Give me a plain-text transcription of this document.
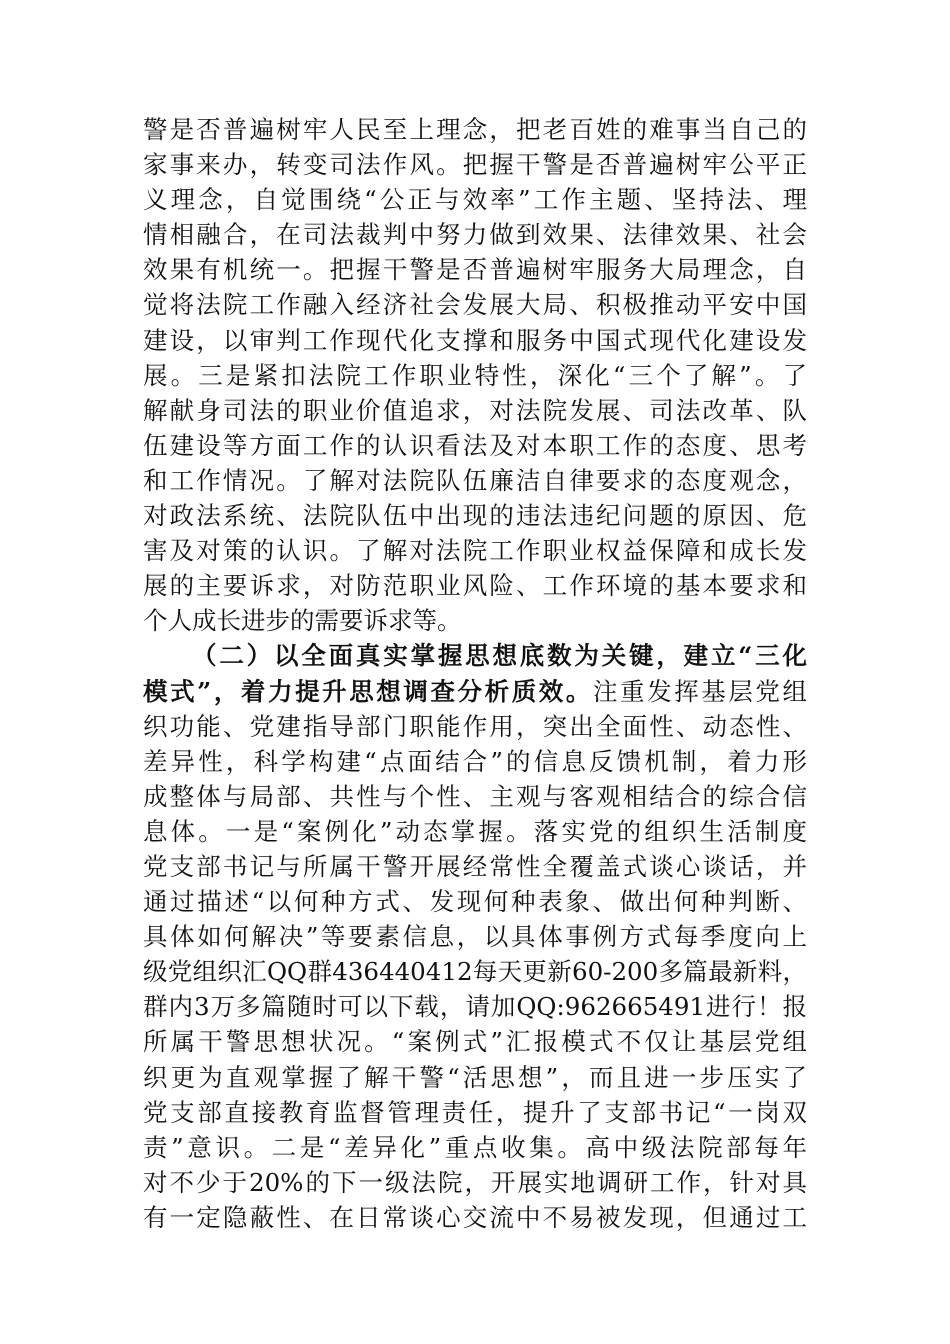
警是否普遍树牢人民至上理念，把老百姓的难事当自己的
家事来办，转变司法作风。把握干警是否普遍树牢公平正
义理念，自觉围绕“公正与效率”工作主题、坚持法、理
情相融合，在司法裁判中努力做到效果、法律效果、社会
效果有机统一。把握干警是否普遍树牢服务大局理念，自
觉将法院工作融入经济社会发展大局、积极推动平安中国
建设，以审判工作现代化支撑和服务中国式现代化建设发
展。三是紧扣法院工作职业特性，深化“三个了解”。了
解献身司法的职业价值追求，对法院发展、司法改革、队
伍建设等方面工作的认识看法及对本职工作的态度、思考
和工作情况。了解对法院队伍廉洁自律要求的态度观念，
对政法系统、法院队伍中出现的违法违纪问题的原因、危
害及对策的认识。了解对法院工作职业权益保障和成长发
展的主要诉求，对防范职业风险、工作环境的基本要求和
个人成长进步的需要诉求等。
（二）以全面真实掌握思想底数为关键，建立“三化
模式”，着力提升思想调查分析质效。注重发挥基层党组
织功能、党建指导部门职能作用，突出全面性、动态性、
差异性，科学构建“点面结合”的信息反馈机制，着力形
成整体与局部、共性与个性、主观与客观相结合的综合信
息体。一是“案例化”动态掌握。落实党的组织生活制度
党支部书记与所属干警开展经常性全覆盖式谈心谈话，并
通过描述“以何种方式、发现何种表象、做出何种判断、
具体如何解决”等要素信息，以具体事例方式每季度向上
级党组织汇QQ群436440412每天更新60-200多篇最新料，
群内3万多篇随时可以下载，请加QQ:962665491进行！报
所属干警思想状况。“案例式”汇报模式不仅让基层党组
织更为直观掌握了解干警“活思想”，而且进一步压实了
党支部直接教育监督管理责任，提升了支部书记“一岗双
责”意识。二是“差异化”重点收集。高中级法院部每年
对不少于20%的下一级法院，开展实地调研工作，针对具
有一定隐蔽性、在日常谈心交流中不易被发现，但通过工
